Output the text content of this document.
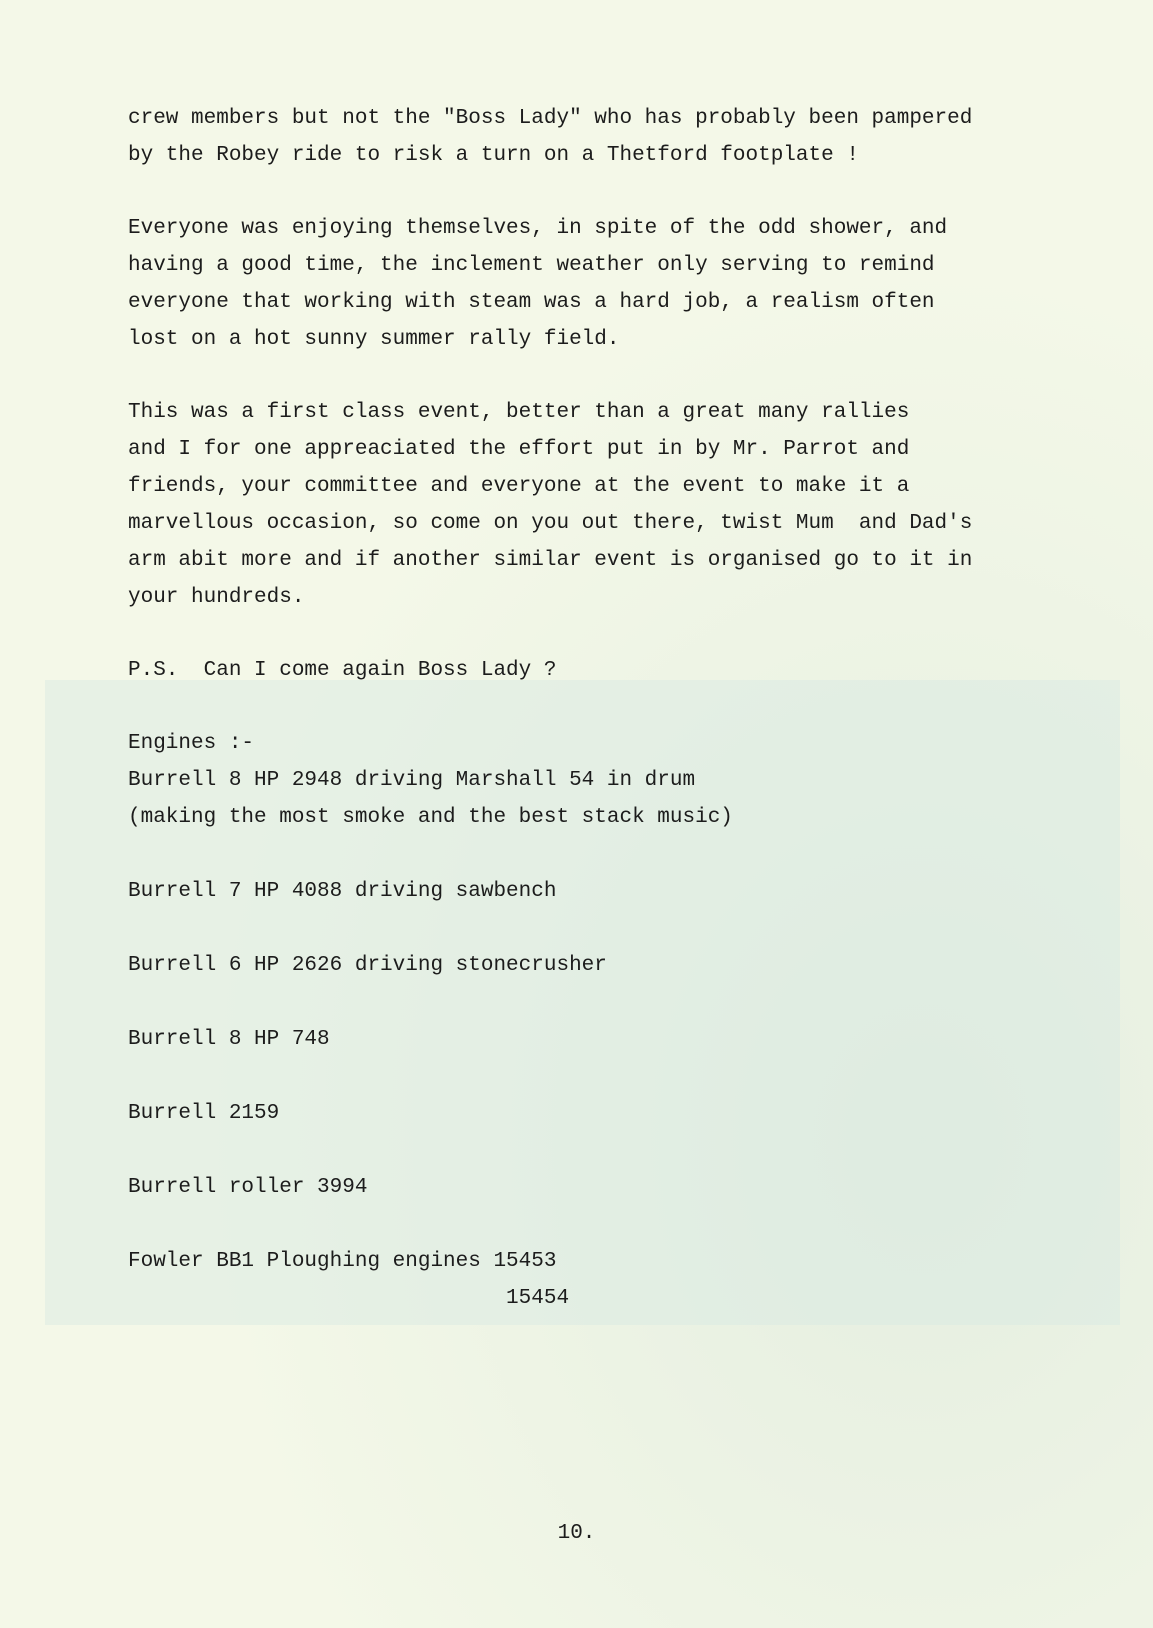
crew members but not the "Boss Lady" who has probably been pampered
by the Robey ride to risk a turn on a Thetford footplate !
Everyone was enjoying themselves, in spite of the odd shower, and
having a good time, the inclement weather only serving to remind
everyone that working with steam was a hard job, a realism often
lost on a hot sunny summer rally field.
This was a first class event, better than a great many rallies
and I for one appreaciated the effort put in by Mr. Parrot and
friends, your committee and everyone at the event to make it a
marvellous occasion, so come on you out there, twist Mum  and Dad's
arm abit more and if another similar event is organised go to it in
your hundreds.
P.S.  Can I come again Boss Lady ?
Engines :-
Burrell 8 HP 2948 driving Marshall 54 in drum
(making the most smoke and the best stack music)
Burrell 7 HP 4088 driving sawbench
Burrell 6 HP 2626 driving stonecrusher
Burrell 8 HP 748
Burrell 2159
Burrell roller 3994
Fowler BB1 Ploughing engines 15453
15454
10.
